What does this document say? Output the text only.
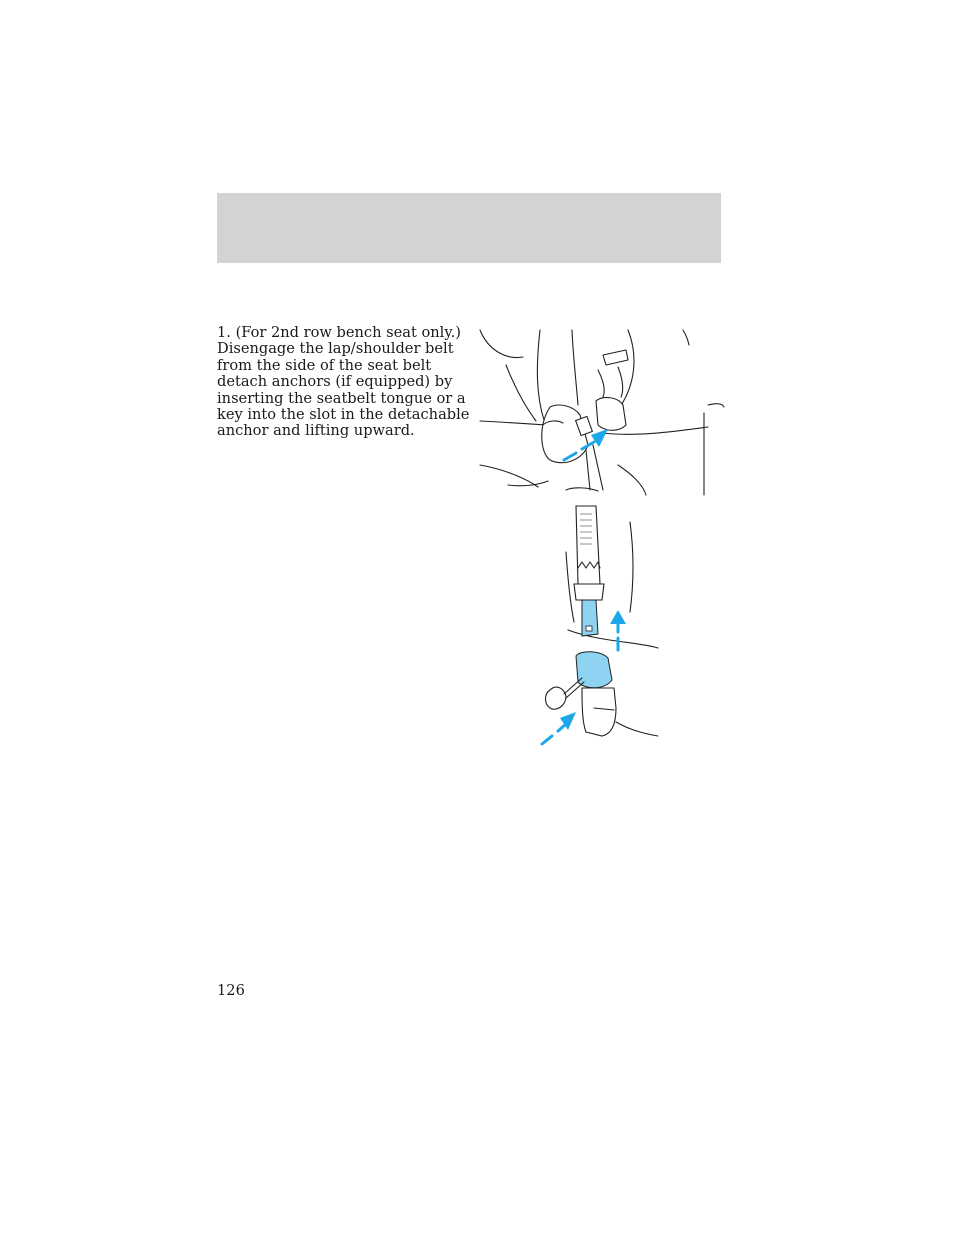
1. (For 2nd row bench seat only.) Disengage the lap/shoulder belt from the side of the seat belt detach anchors (if equipped) by inserting the seatbelt tongue or a key into the slot in the detachable anchor and lifting upward.

126
